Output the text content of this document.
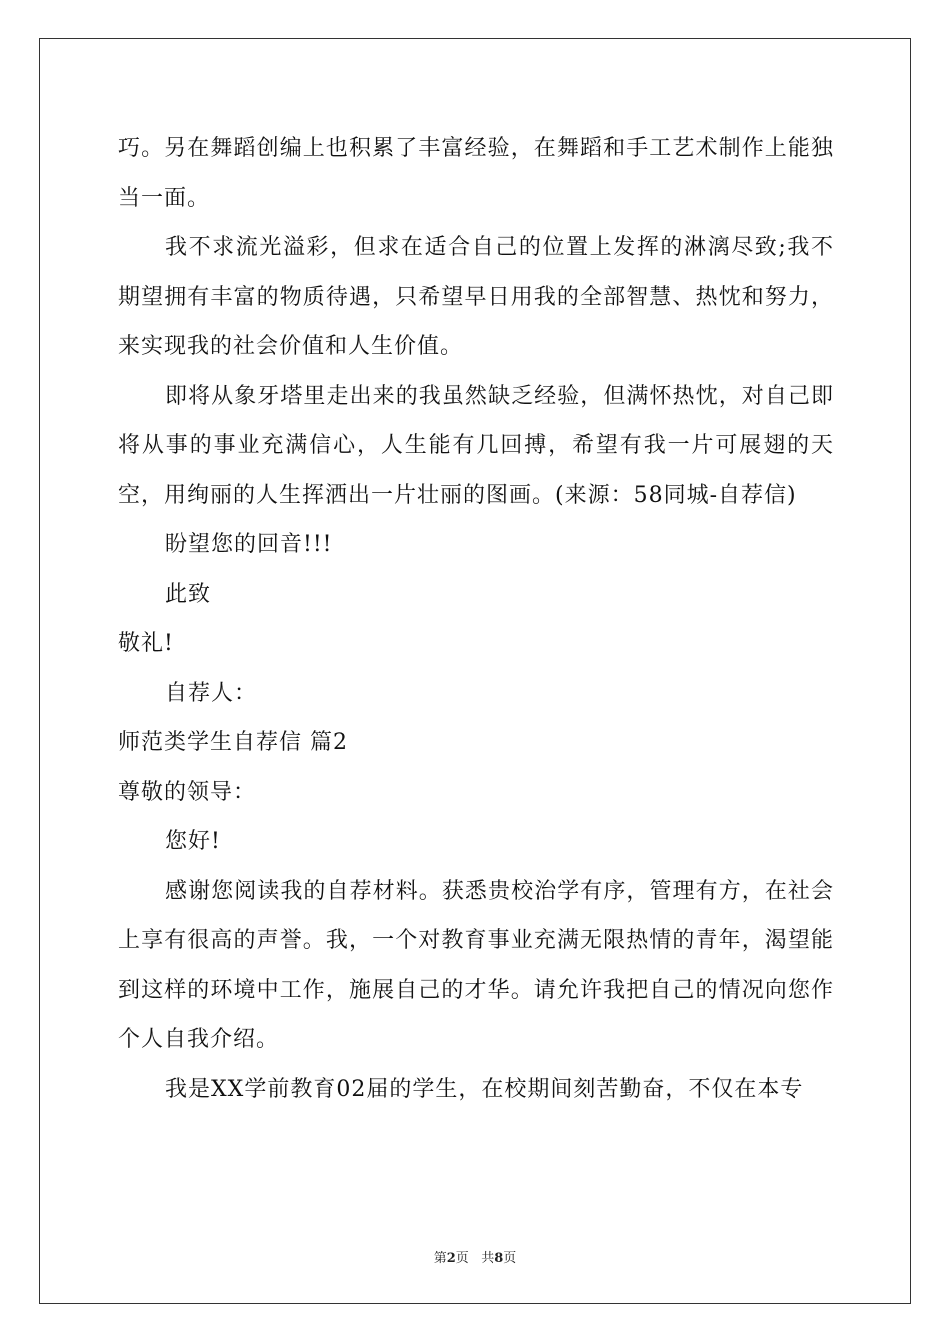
巧。另在舞蹈创编上也积累了丰富经验，在舞蹈和手工艺术制作上能独当一面。

我不求流光溢彩，但求在适合自己的位置上发挥的淋漓尽致;我不期望拥有丰富的物质待遇，只希望早日用我的全部智慧、热忱和努力，来实现我的社会价值和人生价值。

即将从象牙塔里走出来的我虽然缺乏经验，但满怀热忱，对自己即将从事的事业充满信心，人生能有几回搏，希望有我一片可展翅的天空，用绚丽的人生挥洒出一片壮丽的图画。(来源：58同城-自荐信)

盼望您的回音!!!

此致

敬礼!

自荐人：

师范类学生自荐信 篇2

尊敬的领导：

您好!

感谢您阅读我的自荐材料。获悉贵校治学有序，管理有方，在社会上享有很高的声誉。我，一个对教育事业充满无限热情的青年，渴望能到这样的环境中工作，施展自己的才华。请允许我把自己的情况向您作个人自我介绍。

我是XX学前教育02届的学生，在校期间刻苦勤奋，不仅在本专

第2页 共8页
